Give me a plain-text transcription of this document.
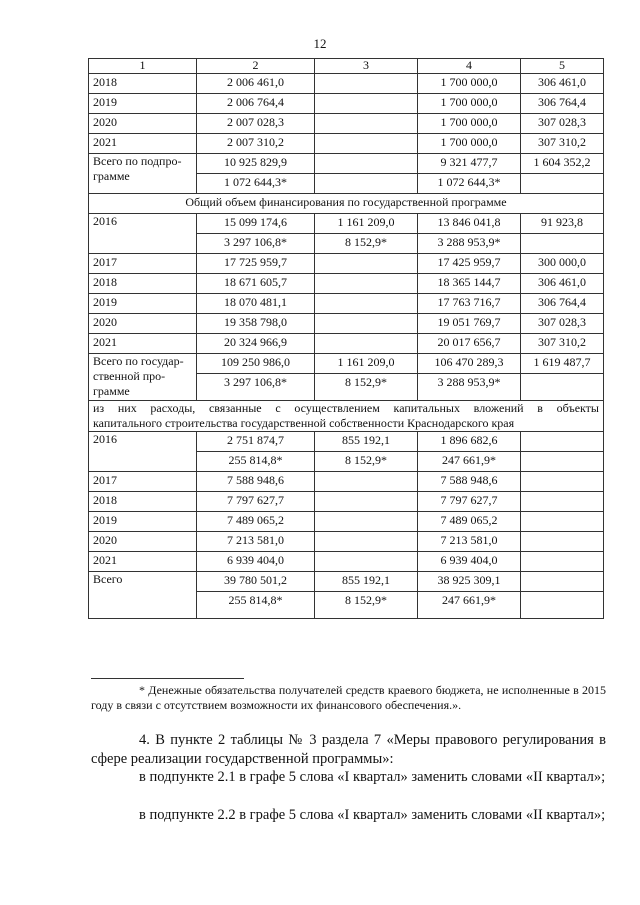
12
1	2	3	4	5
2018	2 006 461,0		1 700 000,0	306 461,0
2019	2 006 764,4		1 700 000,0	306 764,4
2020	2 007 028,3		1 700 000,0	307 028,3
2021	2 007 310,2		1 700 000,0	307 310,2
Всего по подпро-
грамме	10 925 829,9		9 321 477,7	1 604 352,2
	1 072 644,3*		1 072 644,3*	
Общий объем финансирования по государственной программе				
2016	15 099 174,6	1 161 209,0	13 846 041,8	91 923,8
	3 297 106,8*	8 152,9*	3 288 953,9*	
2017	17 725 959,7		17 425 959,7	300 000,0
2018	18 671 605,7		18 365 144,7	306 461,0
2019	18 070 481,1		17 763 716,7	306 764,4
2020	19 358 798,0		19 051 769,7	307 028,3
2021	20 324 966,9		20 017 656,7	307 310,2
Всего по государ-
ственной про-
грамме	109 250 986,0	1 161 209,0	106 470 289,3	1 619 487,7
	3 297 106,8*	8 152,9*	3 288 953,9*	

из них расходы, связанные с осуществлением капитальных вложений в объекты
капитального строительства государственной собственности Краснодарского края				

2016	2 751 874,7	855 192,1	1 896 682,6	
	255 814,8*	8 152,9*	247 661,9*	
2017	7 588 948,6		7 588 948,6	
2018	7 797 627,7		7 797 627,7	
2019	7 489 065,2		7 489 065,2	
2020	7 213 581,0		7 213 581,0	
2021	6 939 404,0		6 939 404,0	
Всего	39 780 501,2	855 192,1	38 925 309,1	
	255 814,8*	8 152,9*	247 661,9*	
* Денежные обязательства получателей средств краевого бюджета, не исполненные в 2015 году в связи с отсутствием возможности их финансового обеспечения.».
4. В пункте 2 таблицы № 3 раздела 7 «Меры правового регулирования в сфере реализации государственной программы»:
в подпункте 2.1 в графе 5 слова «I квартал» заменить словами «II квартал»;
в подпункте 2.2 в графе 5 слова «I квартал» заменить словами «II квартал»;
